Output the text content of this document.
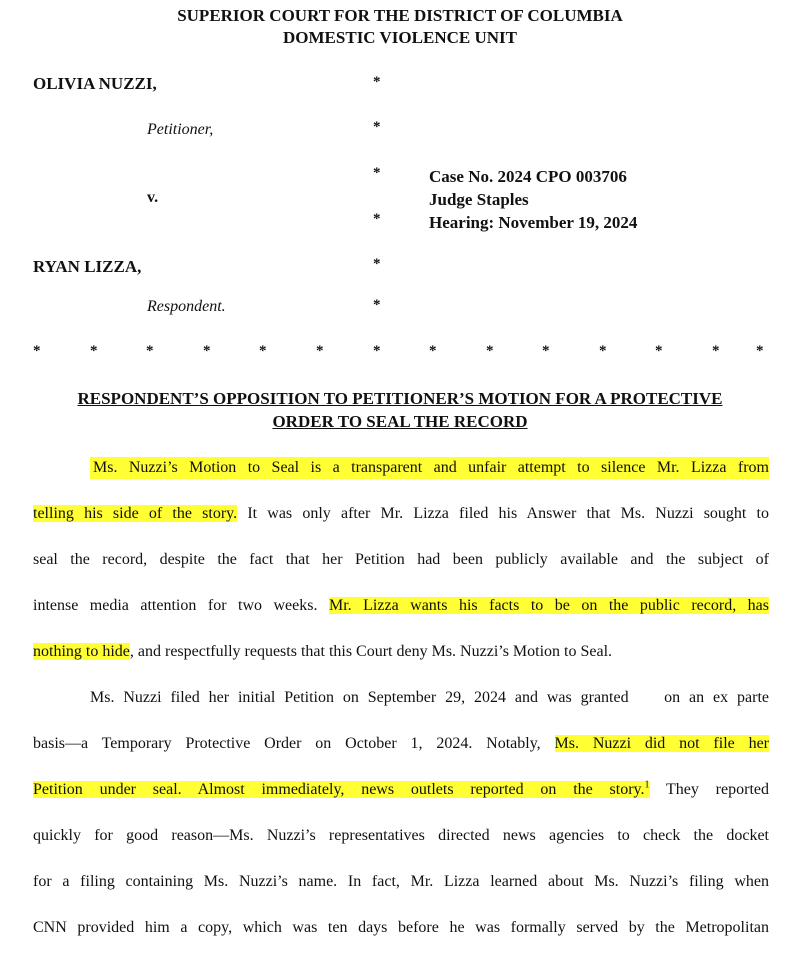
SUPERIOR COURT FOR THE DISTRICT OF COLUMBIA
DOMESTIC VIOLENCE UNIT
OLIVIA NUZZI,
Petitioner,
v.
RYAN LIZZA,
Respondent.
*
*
*
*
*
*
Case No. 2024 CPO 003706
Judge Staples
Hearing: November 19, 2024
*	*	*	*	*	*	*	*	*	*	*	*	* *
RESPONDENT’S OPPOSITION TO PETITIONER’S MOTION FOR A PROTECTIVE
ORDER TO SEAL THE RECORD
Ms. Nuzzi’s Motion to Seal is a transparent and unfair attempt to silence Mr. Lizza from
telling his side of the story. It was only after Mr. Lizza filed his Answer that Ms. Nuzzi sought to
seal the record, despite the fact that her Petition had been publicly available and the subject of
intense media attention for two weeks. Mr. Lizza wants his facts to be on the public record, has
nothing to hide, and respectfully requests that this Court deny Ms. Nuzzi’s Motion to Seal.
Ms. Nuzzi filed her initial Petition on September 29, 2024 and was granted    on an ex parte
basis—a Temporary Protective Order on October 1, 2024. Notably, Ms. Nuzzi did not file her
Petition under seal. Almost immediately, news outlets reported on the story.$^1$ They reported
quickly for good reason—Ms. Nuzzi’s representatives directed news agencies to check the docket
for a filing containing Ms. Nuzzi’s name. In fact, Mr. Lizza learned about Ms. Nuzzi’s filing when
CNN provided him a copy, which was ten days before he was formally served by the Metropolitan
